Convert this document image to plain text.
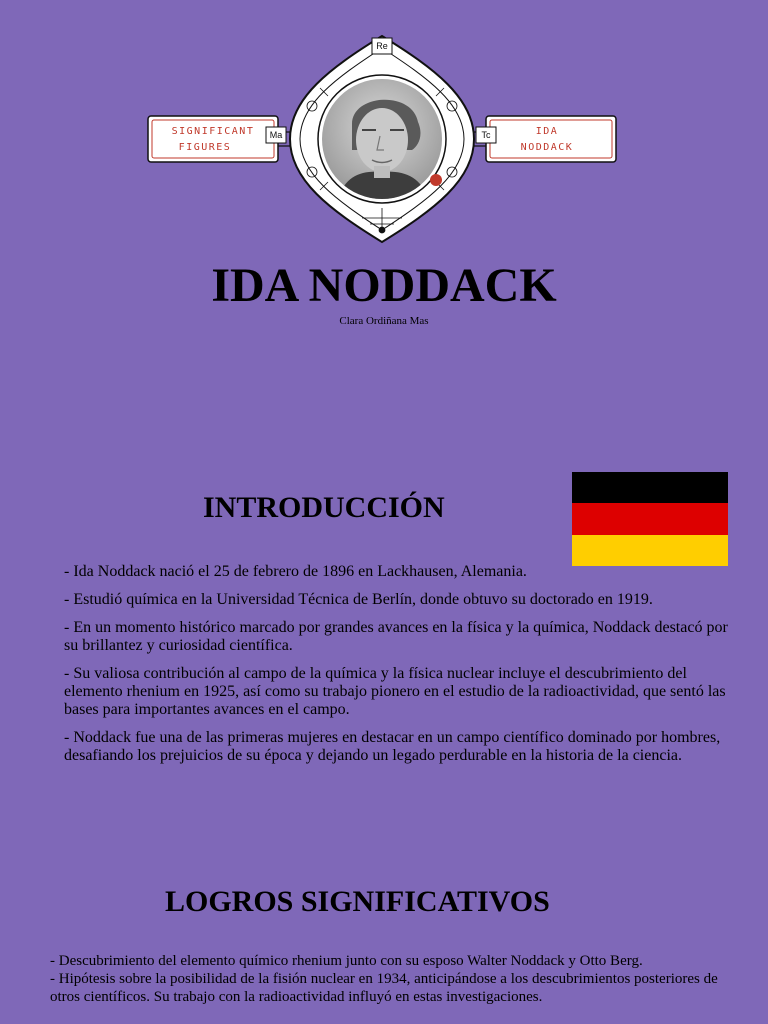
SIGNIFICANT
FIGURES
IDA
NODDACK
Re
Ma	Tc
IDA NODDACK
Clara Ordiñana Mas
INTRODUCCIÓN

- Ida Noddack nació el 25 de febrero de 1896 en Lackhausen, Alemania.

- Estudió química en la Universidad Técnica de Berlín, donde obtuvo su doctorado en 1919.

- En un momento histórico marcado por grandes avances en la física y la química, Noddack destacó por su brillantez y curiosidad científica.

- Su valiosa contribución al campo de la química y la física nuclear incluye el descubrimiento del elemento rhenium en 1925, así como su trabajo pionero en el estudio de la radioactividad, que sentó las bases para importantes avances en el campo.

- Noddack fue una de las primeras mujeres en destacar en un campo científico dominado por hombres, desafiando los prejuicios de su época y dejando un legado perdurable en la historia de la ciencia.

LOGROS SIGNIFICATIVOS

- Descubrimiento del elemento químico rhenium junto con su esposo Walter Noddack y Otto Berg.

- Hipótesis sobre la posibilidad de la fisión nuclear en 1934, anticipándose a los descubrimientos posteriores de otros científicos. Su trabajo con la radioactividad influyó en estas investigaciones.
